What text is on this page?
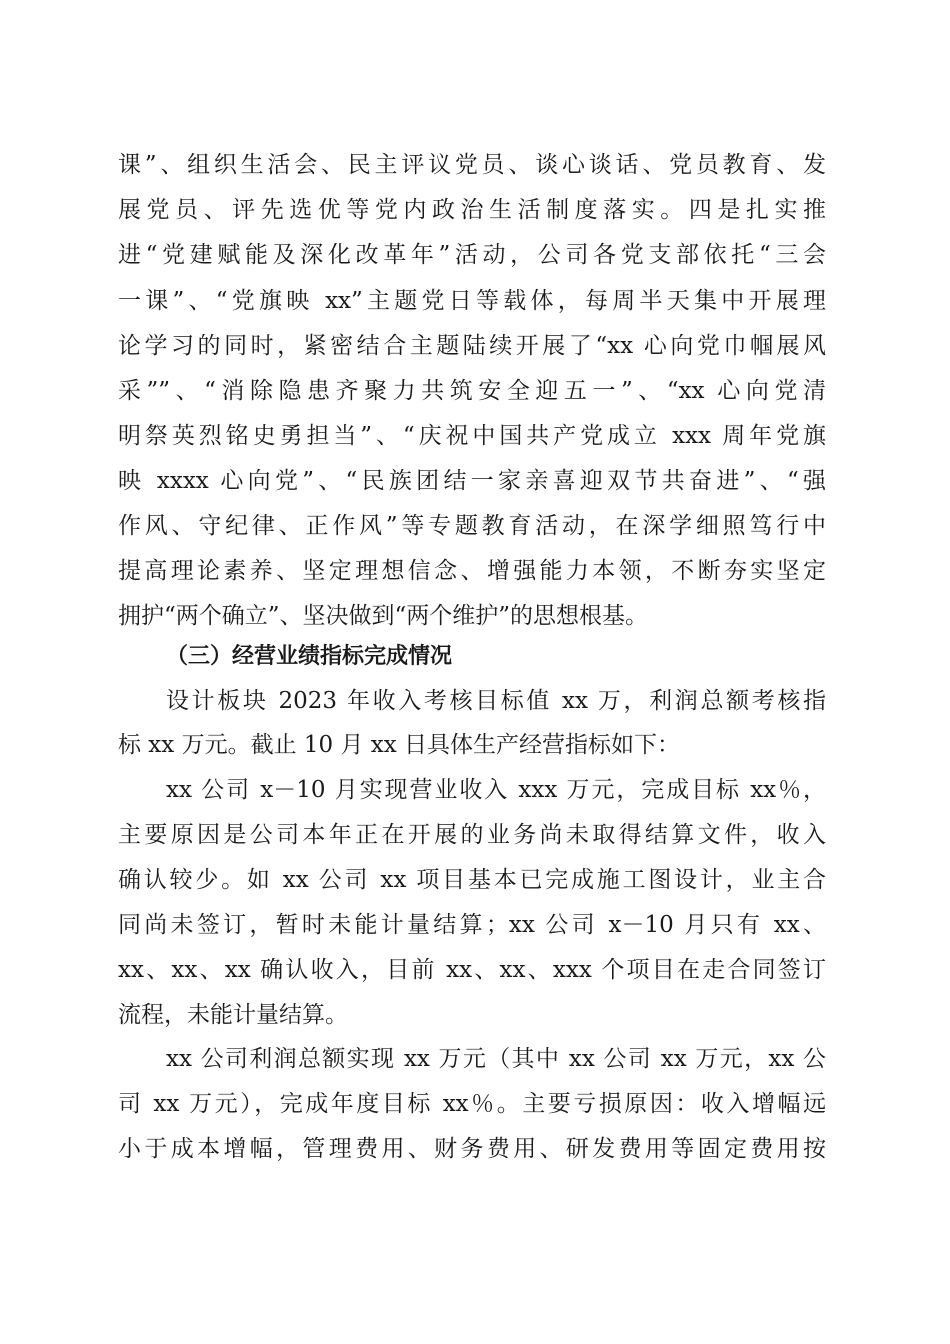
课”、组织生活会、民主评议党员、谈心谈话、党员教育、发
展党员、评先选优等党内政治生活制度落实。四是扎实推
进“党建赋能及深化改革年”活动，公司各党支部依托“三会
一课”、“党旗映 xx”主题党日等载体，每周半天集中开展理
论学习的同时，紧密结合主题陆续开展了“xx 心向党巾帼展风
采””、“消除隐患齐聚力共筑安全迎五一”、“xx 心向党清
明祭英烈铭史勇担当”、“庆祝中国共产党成立 xxx 周年党旗
映 xxxx 心向党”、“民族团结一家亲喜迎双节共奋进”、“强
作风、守纪律、正作风”等专题教育活动，在深学细照笃行中
提高理论素养、坚定理想信念、增强能力本领，不断夯实坚定
拥护“两个确立”、坚决做到“两个维护”的思想根基。
（三）经营业绩指标完成情况
设计板块 2023 年收入考核目标值 xx 万，利润总额考核指
标 xx 万元。截止 10 月 xx 日具体生产经营指标如下：
xx 公司 x－10 月实现营业收入 xxx 万元，完成目标 xx％，
主要原因是公司本年正在开展的业务尚未取得结算文件，收入
确认较少。如 xx 公司 xx 项目基本已完成施工图设计，业主合
同尚未签订，暂时未能计量结算；xx 公司 x－10 月只有 xx、
xx、xx、xx 确认收入，目前 xx、xx、xxx 个项目在走合同签订
流程，未能计量结算。
xx 公司利润总额实现 xx 万元（其中 xx 公司 xx 万元，xx 公
司 xx 万元），完成年度目标 xx％。主要亏损原因：收入增幅远
小于成本增幅，管理费用、财务费用、研发费用等固定费用按
